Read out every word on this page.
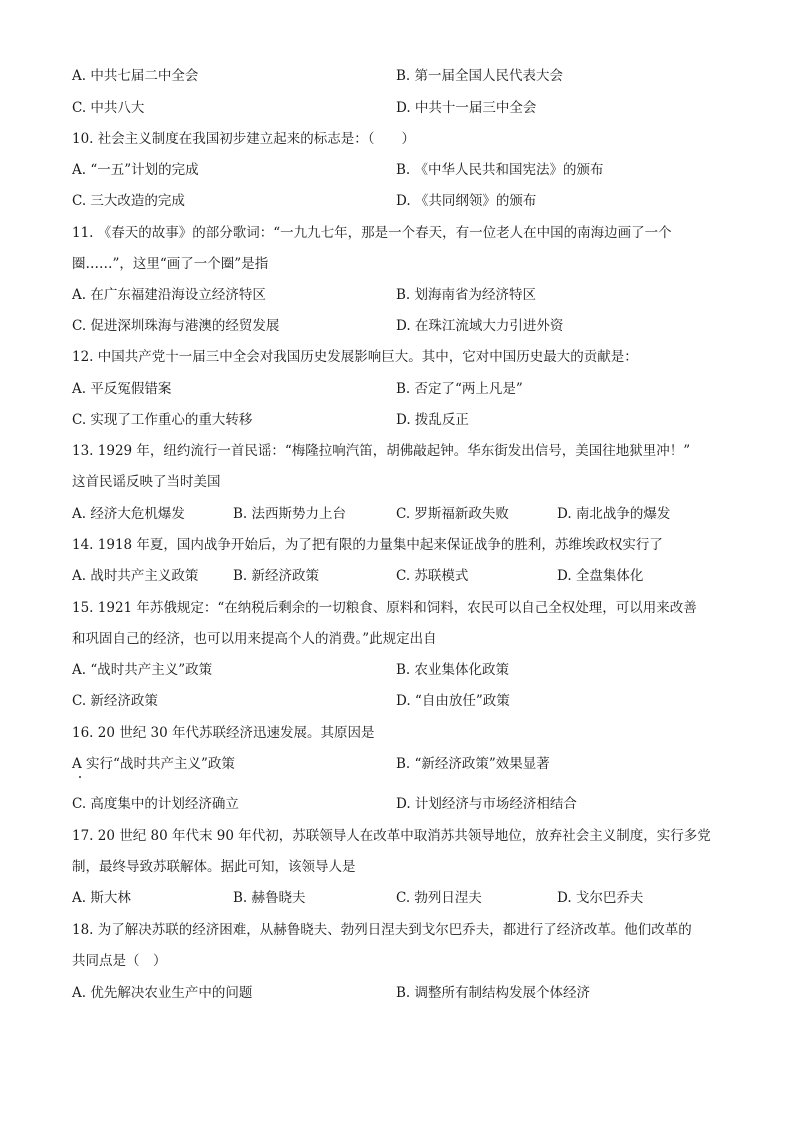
A. 中共七届二中全会	B. 第一届全国人民代表大会
C. 中共八大	D. 中共十一届三中全会
10. 社会主义制度在我国初步建立起来的标志是：（　　）
A. “一五”计划的完成	B. 《中华人民共和国宪法》的颁布
C. 三大改造的完成	D. 《共同纲领》的颁布
11. 《春天的故事》的部分歌词：“一九九七年，那是一个春天，有一位老人在中国的南海边画了一个
圈……”，这里“画了一个圈”是指
A. 在广东福建沿海设立经济特区	B. 划海南省为经济特区
C. 促进深圳珠海与港澳的经贸发展	D. 在珠江流域大力引进外资
12. 中国共产党十一届三中全会对我国历史发展影响巨大。其中，它对中国历史最大的贡献是：
A. 平反冤假错案	B. 否定了“两上凡是”
C. 实现了工作重心的重大转移	D. 拨乱反正
13. 1929 年，纽约流行一首民谣：“梅隆拉响汽笛，胡佛敲起钟。华东街发出信号，美国往地狱里冲！”
这首民谣反映了当时美国
A. 经济大危机爆发	B. 法西斯势力上台	C. 罗斯福新政失败	D. 南北战争的爆发
14. 1918 年夏，国内战争开始后，为了把有限的力量集中起来保证战争的胜利，苏维埃政权实行了
A. 战时共产主义政策	B. 新经济政策	C. 苏联模式	D. 全盘集体化
15. 1921 年苏俄规定：“在纳税后剩余的一切粮食、原料和饲料，农民可以自己全权处理，可以用来改善
和巩固自己的经济，也可以用来提高个人的消费。”此规定出自
A. “战时共产主义”政策	B. 农业集体化政策
C. 新经济政策	D. “自由放任”政策
16. 20 世纪 30 年代苏联经济迅速发展。其原因是
A 实行“战时共产主义”政策	B. “新经济政策”效果显著
C. 高度集中的计划经济确立	D. 计划经济与市场经济相结合
17. 20 世纪 80 年代末 90 年代初，苏联领导人在改革中取消苏共领导地位，放弃社会主义制度，实行多党
制，最终导致苏联解体。据此可知，该领导人是
A. 斯大林	B. 赫鲁晓夫	C. 勃列日涅夫	D. 戈尔巴乔夫
18. 为了解决苏联的经济困难，从赫鲁晓夫、勃列日涅夫到戈尔巴乔夫，都进行了经济改革。他们改革的
共同点是（　）
A. 优先解决农业生产中的问题	B. 调整所有制结构发展个体经济
